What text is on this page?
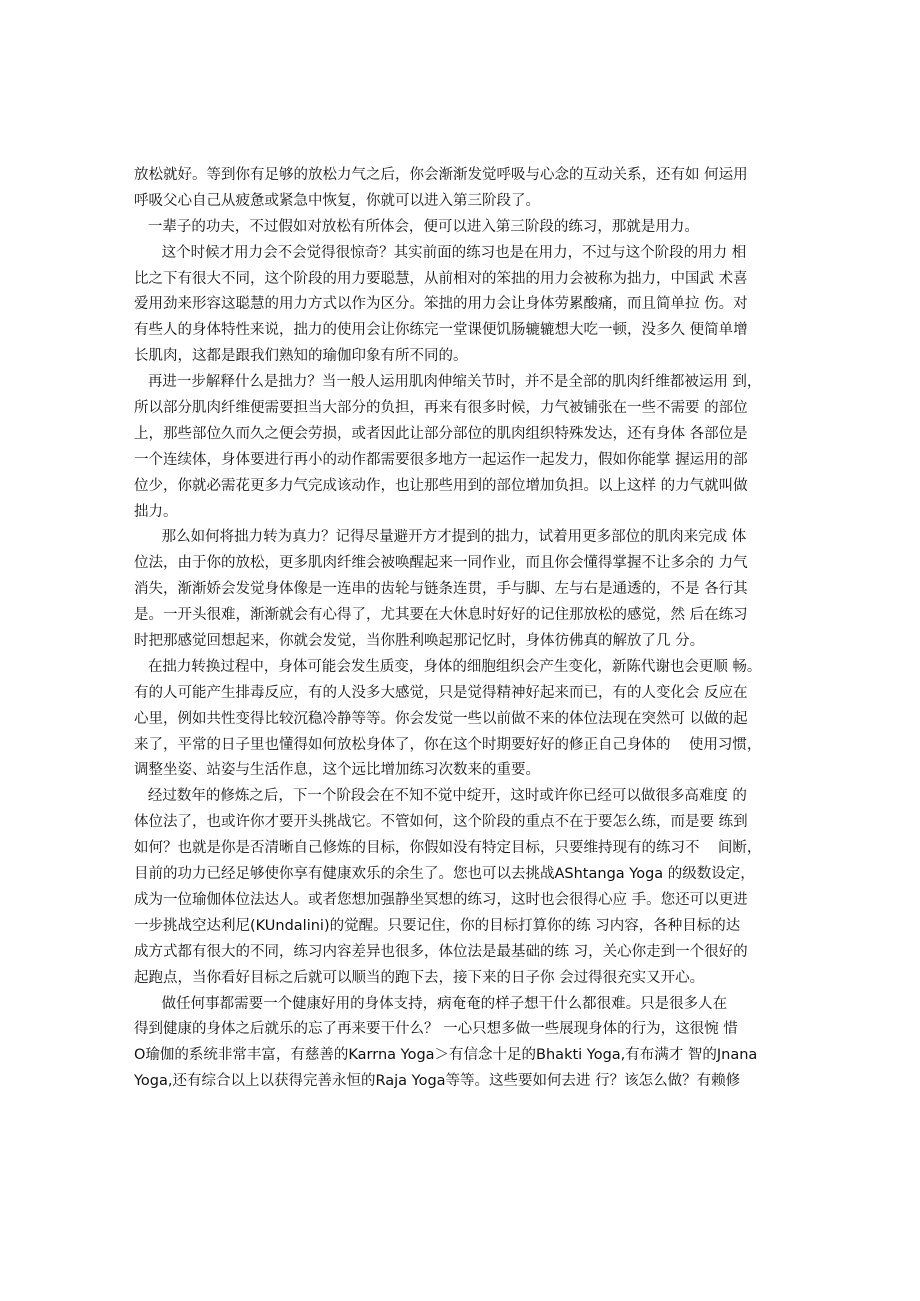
放松就好。等到你有足够的放松力气之后，你会渐渐发觉呼吸与心念的互动关系，还有如 何运用
呼吸父心自己从疲惫或紧急中恢复，你就可以进入第三阶段了。
一辈子的功夫，不过假如对放松有所体会，便可以进入第三阶段的练习，那就是用力。
这个时候才用力会不会觉得很惊奇？其实前面的练习也是在用力，不过与这个阶段的用力 相
比之下有很大不同，这个阶段的用力要聪慧，从前相对的笨拙的用力会被称为拙力，中国武 术喜
爱用劲来形容这聪慧的用力方式以作为区分。笨拙的用力会让身体劳累酸痛，而且简单拉 伤。对
有些人的身体特性来说，拙力的使用会让你练完一堂课便饥肠辘辘想大吃一顿，没多久 便简单增
长肌肉，这都是跟我们熟知的瑜伽印象有所不同的。
再进一步解释什么是拙力？当一般人运用肌肉伸缩关节时，并不是全部的肌肉纤维都被运用 到，
所以部分肌肉纤维便需要担当大部分的负担，再来有很多时候，力气被铺张在一些不需要 的部位
上，那些部位久而久之便会劳损，或者因此让部分部位的肌肉组织特殊发达，还有身体 各部位是
一个连续体，身体要进行再小的动作都需要很多地方一起运作一起发力，假如你能掌 握运用的部
位少，你就必需花更多力气完成该动作，也让那些用到的部位增加负担。以上这样 的力气就叫做
拙力。
那么如何将拙力转为真力？记得尽量避开方才提到的拙力，试着用更多部位的肌肉来完成 体
位法，由于你的放松，更多肌肉纤维会被唤醒起来一同作业，而且你会懂得掌握不让多余的 力气
消失，渐渐娇会发觉身体像是一连串的齿轮与链条连贯，手与脚、左与右是通透的，不是 各行其
是。一开头很难，渐渐就会有心得了，尤其要在大休息时好好的记住那放松的感觉，然 后在练习
时把那感觉回想起来，你就会发觉，当你胜利唤起那记忆时，身体彷佛真的解放了几 分。
在拙力转换过程中，身体可能会发生质变，身体的细胞组织会产生变化，新陈代谢也会更顺 畅。
有的人可能产生排毒反应，有的人没多大感觉，只是觉得精神好起来而已，有的人变化会 反应在
心里，例如共性变得比较沉稳冷静等等。你会发觉一些以前做不来的体位法现在突然可 以做的起
来了，平常的日子里也懂得如何放松身体了，你在这个时期要好好的修正自己身体的    使用习惯，
调整坐姿、站姿与生活作息，这个远比增加练习次数来的重要。
经过数年的修炼之后，下一个阶段会在不知不觉中绽开，这时或许你已经可以做很多高难度 的
体位法了，也或许你才要开头挑战它。不管如何，这个阶段的重点不在于要怎么练，而是要 练到
如何？也就是你是否清晰自己修炼的目标，你假如没有特定目标，只要维持现有的练习不    间断，
目前的功力已经足够使你享有健康欢乐的余生了。您也可以去挑战AShtanga Yoga 的级数设定，
成为一位瑜伽体位法达人。或者您想加强静坐冥想的练习，这时也会很得心应 手。您还可以更进
一步挑战空达利尼(KUndalini)的觉醒。只要记住，你的目标打算你的练 习内容，各种目标的达
成方式都有很大的不同，练习内容差异也很多，体位法是最基础的练 习，关心你走到一个很好的
起跑点，当你看好目标之后就可以顺当的跑下去，接下来的日子你 会过得很充实又开心。
做任何事都需要一个健康好用的身体支持，病奄奄的样子想干什么都很难。只是很多人在
得到健康的身体之后就乐的忘了再来要干什么？ 一心只想多做一些展现身体的行为，这很惋 惜
O瑜伽的系统非常丰富，有慈善的Karrna Yoga＞有信念十足的Bhakti Yoga,有布满才 智的Jnana
Yoga,还有综合以上以获得完善永恒的Raja Yoga等等。这些要如何去进 行？该怎么做？有赖修
